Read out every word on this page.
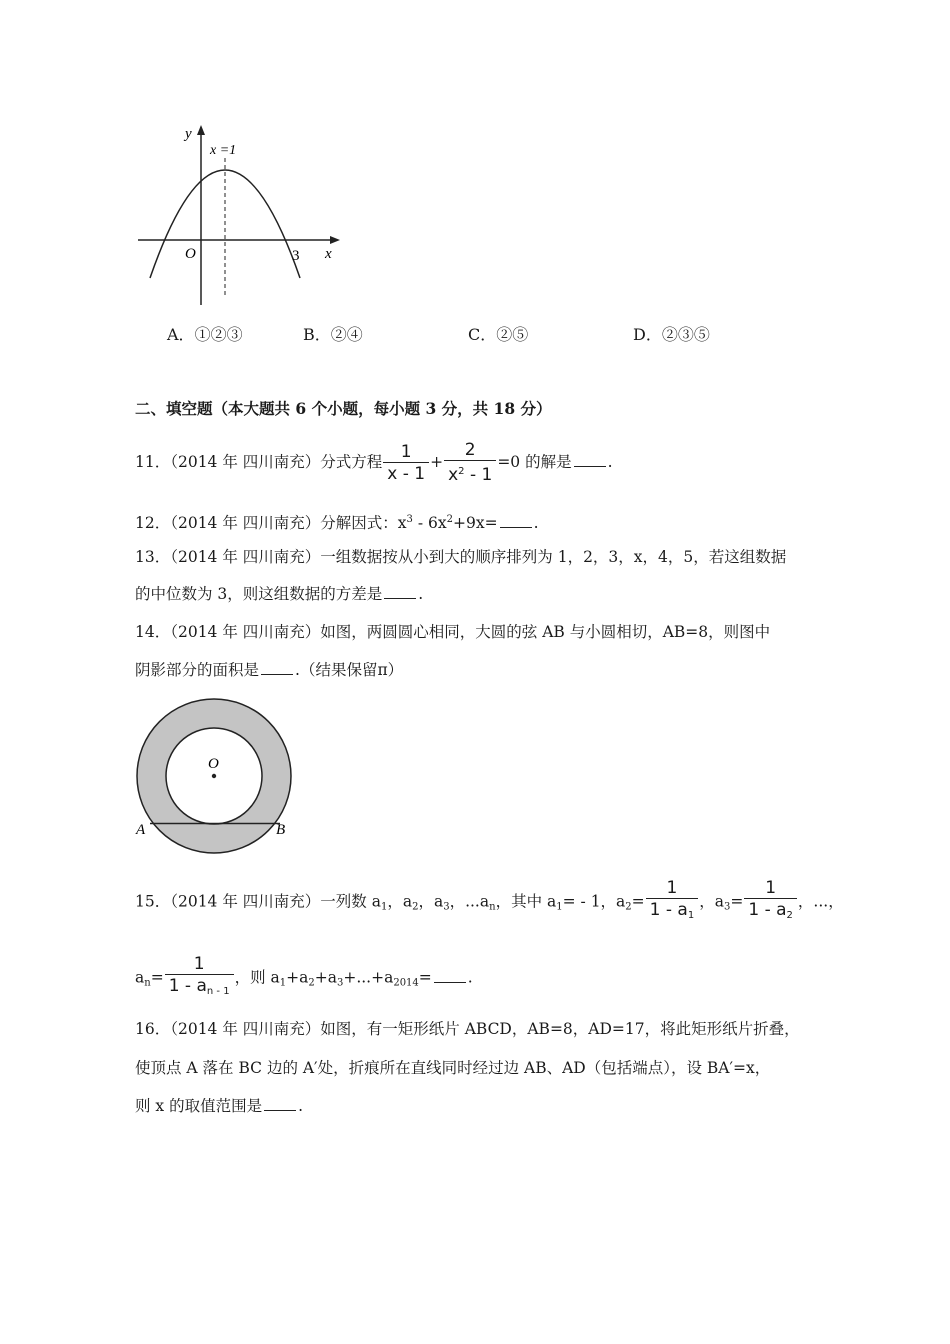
y
x
O
x =1
3
A．①②③	B．②④	C．②⑤	D．②③⑤
二、填空题（本大题共 6 个小题，每小题 3 分，共 18 分）
11．（2014 年 四川南充）分式方程 $\frac{1}{x - 1} + \frac{2}{x^2 - 1} =0$ 的解是 .
12．（2014 年 四川南充）分解因式：$x^3 - 6x^2+9x=$ .
13．（2014 年 四川南充）一组数据按从小到大的顺序排列为 1，2，3，x，4，5，若这组数据
的中位数为 3，则这组数据的方差是 .
14．（2014 年 四川南充）如图，两圆圆心相同，大圆的弦 AB 与小圆相切，AB=8，则图中
阴影部分的面积是 .（结果保留π）
O
A	B
15．（2014 年 四川南充）一列数 $a_1$，$a_2$，$a_3$，$...a_n$，其中 $a_1= - 1$，$a_2= \frac{1}{1 - a_1}$ ，$a_3= \frac{1}{1 - a_2}$ ，...，
$a_n= \frac{1}{1 - a_{n - 1}}$ ，则 $a_1+a_2+a_3+...+a_{2014}=$ .
16．（2014 年 四川南充）如图，有一矩形纸片 ABCD，AB=8，AD=17，将此矩形纸片折叠，
使顶点 A 落在 BC 边的 A′处，折痕所在直线同时经过边 AB、AD（包括端点），设 BA′=x，
则 x 的取值范围是 .
